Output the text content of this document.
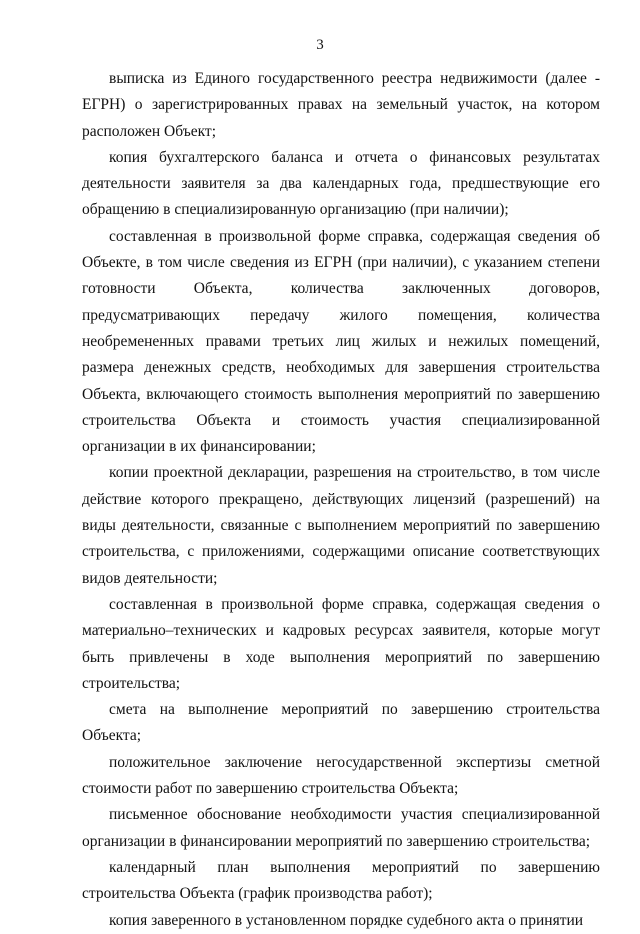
3

выписка из Единого государственного реестра недвижимости (далее - ЕГРН) о зарегистрированных правах на земельный участок, на котором расположен Объект;

копия бухгалтерского баланса и отчета о финансовых результатах деятельности заявителя за два календарных года, предшествующие его обращению в специализированную организацию (при наличии);

составленная в произвольной форме справка, содержащая сведения об Объекте, в том числе сведения из ЕГРН (при наличии), с указанием степени готовности Объекта, количества заключенных договоров, предусматривающих передачу жилого помещения, количества необремененных правами третьих лиц жилых и нежилых помещений, размера денежных средств, необходимых для завершения строительства Объекта, включающего стоимость выполнения мероприятий по завершению строительства Объекта и стоимость участия специализированной организации в их финансировании;

копии проектной декларации, разрешения на строительство, в том числе действие которого прекращено, действующих лицензий (разрешений) на виды деятельности, связанные с выполнением мероприятий по завершению строительства, с приложениями, содержащими описание соответствующих видов деятельности;

составленная в произвольной форме справка, содержащая сведения о материально–технических и кадровых ресурсах заявителя, которые могут быть привлечены в ходе выполнения мероприятий по завершению строительства;

смета на выполнение мероприятий по завершению строительства Объекта;

положительное заключение негосударственной экспертизы сметной стоимости работ по завершению строительства Объекта;

письменное обоснование необходимости участия специализированной организации в финансировании мероприятий по завершению строительства;

календарный план выполнения мероприятий по завершению строительства Объекта (график производства работ);

копия заверенного в установленном порядке судебного акта о принятии
